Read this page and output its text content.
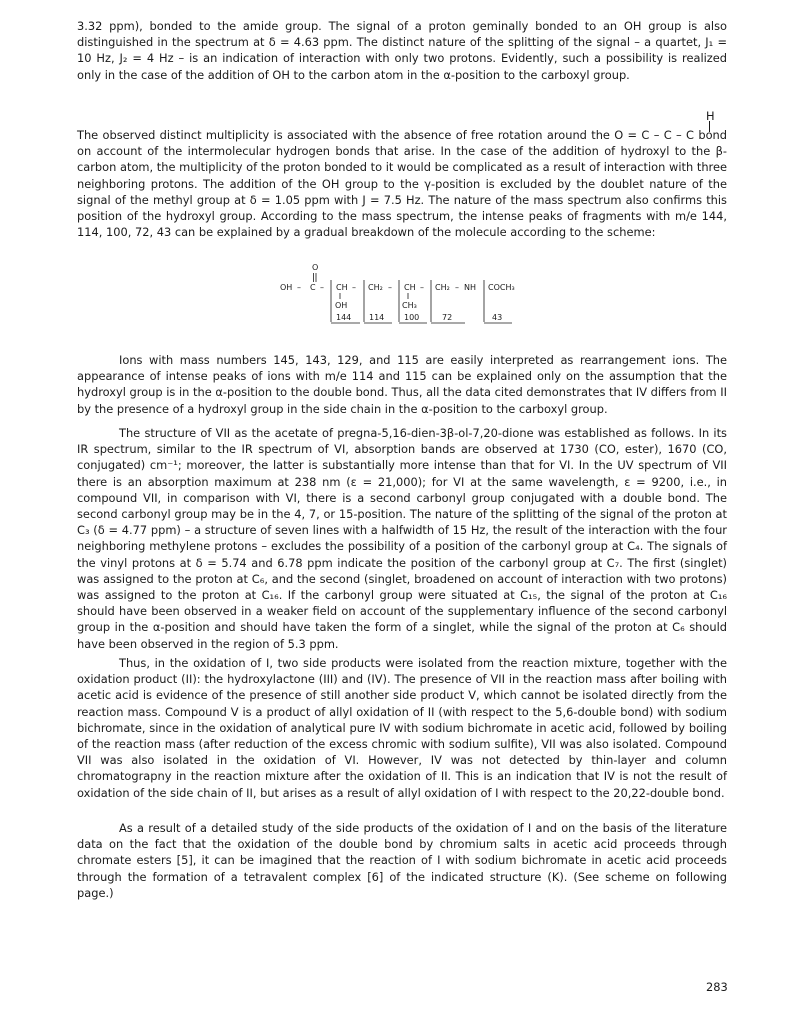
3.32 ppm), bonded to the amide group. The signal of a proton geminally bonded to an OH group is also distinguished in the spectrum at δ = 4.63 ppm. The distinct nature of the splitting of the signal – a quartet, J₁ = 10 Hz, J₂ = 4 Hz – is an indication of interaction with only two protons. Evidently, such a possibility is realized only in the case of the addition of OH to the carbon atom in the α-position to the carboxyl group.

H

The observed distinct multiplicity is associated with the absence of free rotation around the O = C – C – C bond on account of the intermolecular hydrogen bonds that arise. In the case of the addition of hydroxyl to the β-carbon atom, the multiplicity of the proton bonded to it would be complicated as a result of interaction with three neighboring protons. The addition of the OH group to the γ-position is excluded by the doublet nature of the signal of the methyl group at δ = 1.05 ppm with J = 7.5 Hz. The nature of the mass spectrum also confirms this position of the hydroxyl group. According to the mass spectrum, the intense peaks of fragments with m/e 144, 114, 100, 72, 43 can be explained by a gradual breakdown of the molecule according to the scheme:

O
OH – C – CH – CH₂ – CH – CH₂ – NH COCH₃
OH	CH₃
144 114 100	72	43

Ions with mass numbers 145, 143, 129, and 115 are easily interpreted as rearrangement ions. The appearance of intense peaks of ions with m/e 114 and 115 can be explained only on the assumption that the hydroxyl group is in the α-position to the double bond. Thus, all the data cited demonstrates that IV differs from II by the presence of a hydroxyl group in the side chain in the α-position to the carboxyl group.

The structure of VII as the acetate of pregna-5,16-dien-3β-ol-7,20-dione was established as follows. In its IR spectrum, similar to the IR spectrum of VI, absorption bands are observed at 1730 (CO, ester), 1670 (CO, conjugated) cm⁻¹; moreover, the latter is substantially more intense than that for VI. In the UV spectrum of VII there is an absorption maximum at 238 nm (ε = 21,000); for VI at the same wavelength, ε = 9200, i.e., in compound VII, in comparison with VI, there is a second carbonyl group conjugated with a double bond. The second carbonyl group may be in the 4, 7, or 15-position. The nature of the splitting of the signal of the proton at C₃ (δ = 4.77 ppm) – a structure of seven lines with a halfwidth of 15 Hz, the result of the interaction with the four neighboring methylene protons – excludes the possibility of a position of the carbonyl group at C₄. The signals of the vinyl protons at δ = 5.74 and 6.78 ppm indicate the position of the carbonyl group at C₇. The first (singlet) was assigned to the proton at C₆, and the second (singlet, broadened on account of interaction with two protons) was assigned to the proton at C₁₆. If the carbonyl group were situated at C₁₅, the signal of the proton at C₁₆ should have been observed in a weaker field on account of the supplementary influence of the second carbonyl group in the α-position and should have taken the form of a singlet, while the signal of the proton at C₆ should have been observed in the region of 5.3 ppm.

Thus, in the oxidation of I, two side products were isolated from the reaction mixture, together with the oxidation product (II): the hydroxylactone (III) and (IV). The presence of VII in the reaction mass after boiling with acetic acid is evidence of the presence of still another side product V, which cannot be isolated directly from the reaction mass. Compound V is a product of allyl oxidation of II (with respect to the 5,6-double bond) with sodium bichromate, since in the oxidation of analytical pure IV with sodium bichromate in acetic acid, followed by boiling of the reaction mass (after reduction of the excess chromic with sodium sulfite), VII was also isolated. Compound VII was also isolated in the oxidation of VI. However, IV was not detected by thin-layer and column chromatograpny in the reaction mixture after the oxidation of II. This is an indication that IV is not the result of oxidation of the side chain of II, but arises as a result of allyl oxidation of I with respect to the 20,22-double bond.

As a result of a detailed study of the side products of the oxidation of I and on the basis of the literature data on the fact that the oxidation of the double bond by chromium salts in acetic acid proceeds through chromate esters [5], it can be imagined that the reaction of I with sodium bichromate in acetic acid proceeds through the formation of a tetravalent complex [6] of the indicated structure (K). (See scheme on following page.)

283
